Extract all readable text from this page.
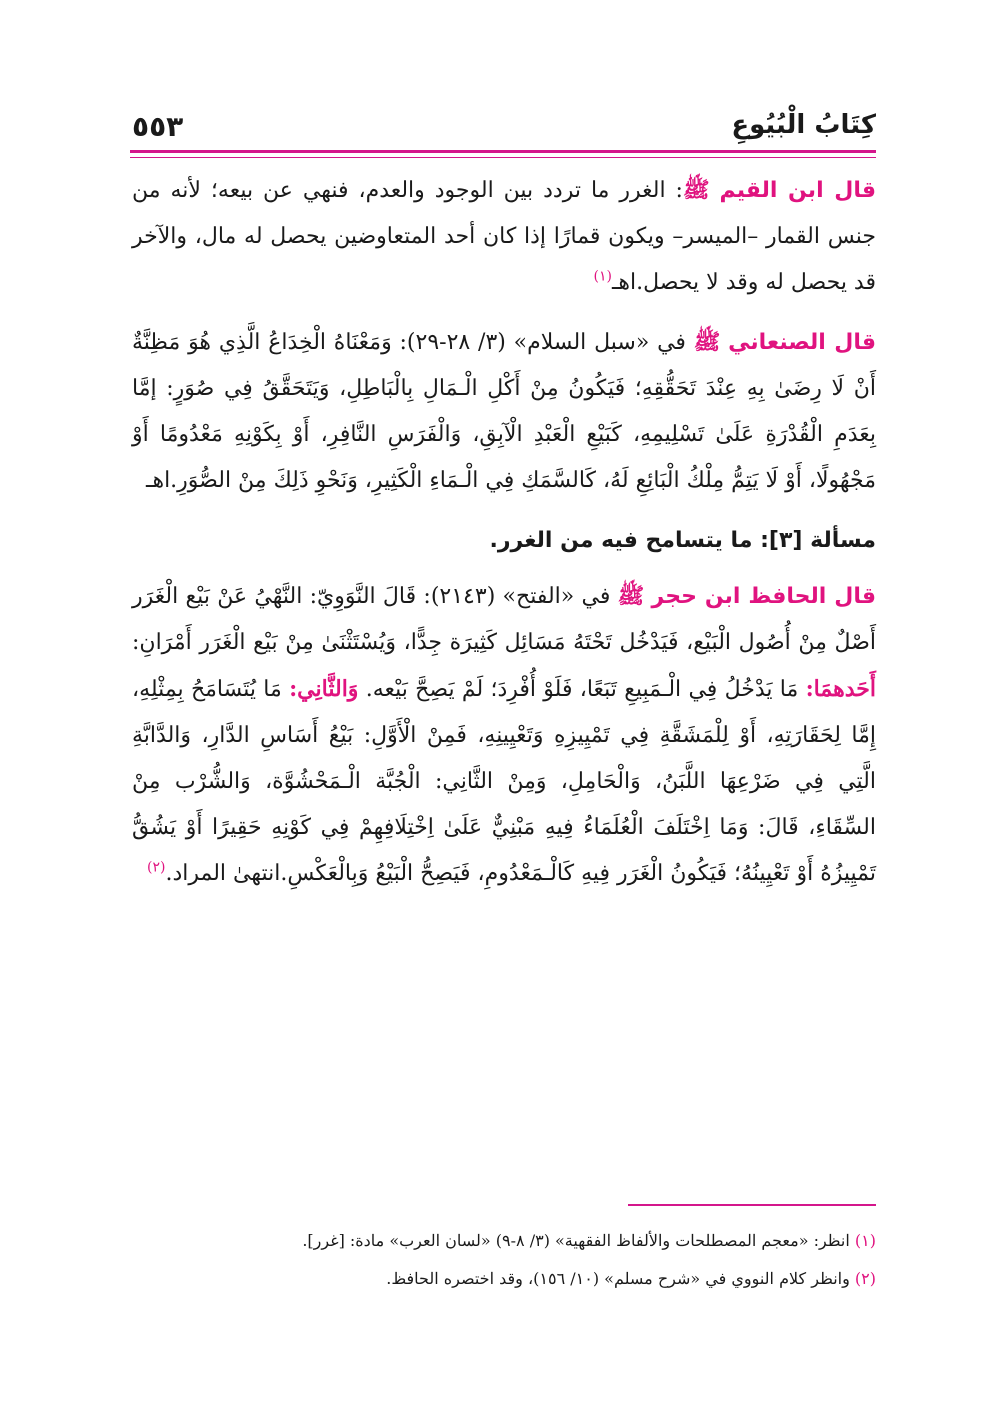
٥٥٣	كِتَابُ الْبُيُوعِ

قال ابن القيم ﷺ: الغرر ما تردد بين الوجود والعدم، فنهي عن بيعه؛ لأنه من جنس القمار –الميسر– ويكون قمارًا إذا كان أحد المتعاوضين يحصل له مال، والآخر قد يحصل له وقد لا يحصل.اهـ$^{(١)}$

قال الصنعاني ﷺ في «سبل السلام» (٣/ ٢٨-٢٩): وَمَعْنَاهُ الْخِدَاعُ الَّذِي هُوَ مَظِنَّةٌ أَنْ لَا رِضَىٰ بِهِ عِنْدَ تَحَقُّقِهِ؛ فَيَكُونُ مِنْ أَكْلِ الْـمَالِ بِالْبَاطِلِ، وَيَتَحَقَّقُ فِي صُوَرٍ: إمَّا بِعَدَمِ الْقُدْرَةِ عَلَىٰ تَسْلِيمِهِ، كَبَيْعِ الْعَبْدِ الْآبِقِ، وَالْفَرَسِ النَّافِرِ، أَوْ بِكَوْنِهِ مَعْدُومًا أَوْ مَجْهُولًا، أَوْ لَا يَتِمُّ مِلْكُ الْبَائِعِ لَهُ، كَالسَّمَكِ فِي الْـمَاءِ الْكَثِيرِ، وَنَحْوِ ذَلِكَ مِنْ الصُّوَرِ.اهـ

مسألة [٣]: ما يتسامح فيه من الغرر.

قال الحافظ ابن حجر ﷺ في «الفتح» (٢١٤٣): قَالَ النَّوَوِيّ: النَّهْيُ عَنْ بَيْع الْغَرَر أَصْلٌ مِنْ أُصُول الْبَيْع، فَيَدْخُل تَحْتَهُ مَسَائِل كَثِيرَة جِدًّا، وَيُسْتَثْنَىٰ مِنْ بَيْع الْغَرَر أَمْرَانِ: أَحَدهمَا: مَا يَدْخُلُ فِي الْـمَبِيعِ تَبَعًا، فَلَوْ أُفْرِدَ؛ لَمْ يَصِحَّ بَيْعه. وَالثَّانِي: مَا يُتَسَامَحُ بِمِثْلِهِ، إِمَّا لِحَقَارَتِهِ، أَوْ لِلْمَشَقَّةِ فِي تَمْيِيزِهِ وَتَعْيِينِهِ، فَمِنْ الْأَوَّلِ: بَيْعُ أَسَاسِ الدَّارِ، وَالدَّابَّةِ الَّتِي فِي ضَرْعِهَا اللَّبَنُ، وَالْحَامِلِ، وَمِنْ الثَّانِي: الْجُبَّة الْـمَحْشُوَّة، وَالشُّرْب مِنْ السِّقَاءِ، قَالَ: وَمَا اِخْتَلَفَ الْعُلَمَاءُ فِيهِ مَبْنِيٌّ عَلَىٰ اِخْتِلَافِهِمْ فِي كَوْنِهِ حَقِيرًا أَوْ يَشُقُّ تَمْيِيزُهُ أَوْ تَعْيِينُهُ؛ فَيَكُونُ الْغَرَر فِيهِ كَالْـمَعْدُومِ، فَيَصِحُّ الْبَيْعُ وَبِالْعَكْسِ.انتهىٰ المراد.$^{(٢)}$

(١) انظر: «معجم المصطلحات والألفاظ الفقهية» (٣/ ٨-٩) «لسان العرب» مادة: [غرر].
(٢) وانظر كلام النووي في «شرح مسلم» (١٠/ ١٥٦)، وقد اختصره الحافظ.
